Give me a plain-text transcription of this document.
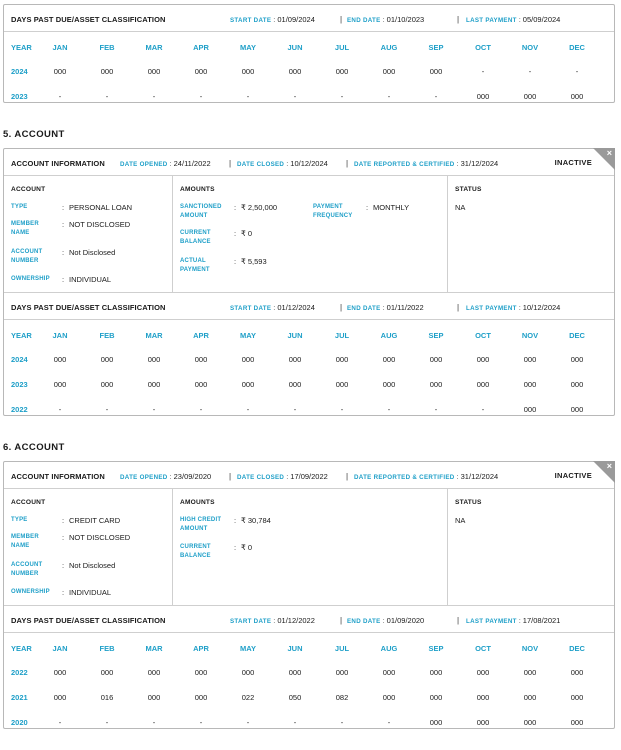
DAYS PAST DUE/ASSET CLASSIFICATION	START DATE : 01/09/2024	| END DATE : 01/10/2023	| LAST PAYMENT : 05/09/2024
YEAR	JAN	FEB	MAR	APR	MAY	JUN	JUL	AUG	SEP	OCT	NOV	DEC
2024	000	000	000	000	000	000	000	000	000	-	-	-
2023	-	-	-	-	-	-	-	-	-	000	000	000
5. ACCOUNT
×
ACCOUNT INFORMATION DATE OPENED : 24/11/2022 | DATE CLOSED : 10/12/2024 | DATE REPORTED & CERTIFIED : 31/12/2024	INACTIVE
ACCOUNT	AMOUNTS	STATUS
TYPE	: PERSONAL LOAN
MEMBER NAME
: NOT DISCLOSED
ACCOUNT NUMBER
: Not Disclosed
OWNERSHIP	: INDIVIDUAL
SANCTIONED AMOUNT
: ₹ 2,50,000
CURRENT BALANCE
: ₹ 0
ACTUAL PAYMENT
: ₹ 5,593
PAYMENT FREQUENCY
: MONTHLY	NA
DAYS PAST DUE/ASSET CLASSIFICATION	START DATE : 01/12/2024	| END DATE : 01/11/2022	| LAST PAYMENT : 10/12/2024
YEAR	JAN	FEB	MAR	APR	MAY	JUN	JUL	AUG	SEP	OCT	NOV	DEC
2024	000	000	000	000	000	000	000	000	000	000	000	000
2023	000	000	000	000	000	000	000	000	000	000	000	000
2022	-	-	-	-	-	-	-	-	-	-	000	000
6. ACCOUNT
×
ACCOUNT INFORMATION DATE OPENED : 23/09/2020 | DATE CLOSED : 17/09/2022 | DATE REPORTED & CERTIFIED : 31/12/2024	INACTIVE
ACCOUNT	AMOUNTS	STATUS
TYPE	: CREDIT CARD
MEMBER NAME
: NOT DISCLOSED
ACCOUNT NUMBER
: Not Disclosed
OWNERSHIP	: INDIVIDUAL
HIGH CREDIT AMOUNT
: ₹ 30,784
CURRENT BALANCE
: ₹ 0
NA
DAYS PAST DUE/ASSET CLASSIFICATION	START DATE : 01/12/2022	| END DATE : 01/09/2020	| LAST PAYMENT : 17/08/2021
YEAR	JAN	FEB	MAR	APR	MAY	JUN	JUL	AUG	SEP	OCT	NOV	DEC
2022	000	000	000	000	000	000	000	000	000	000	000	000
2021	000	016	000	000	022	050	082	000	000	000	000	000
2020	-	-	-	-	-	-	-	-	000	000	000	000
